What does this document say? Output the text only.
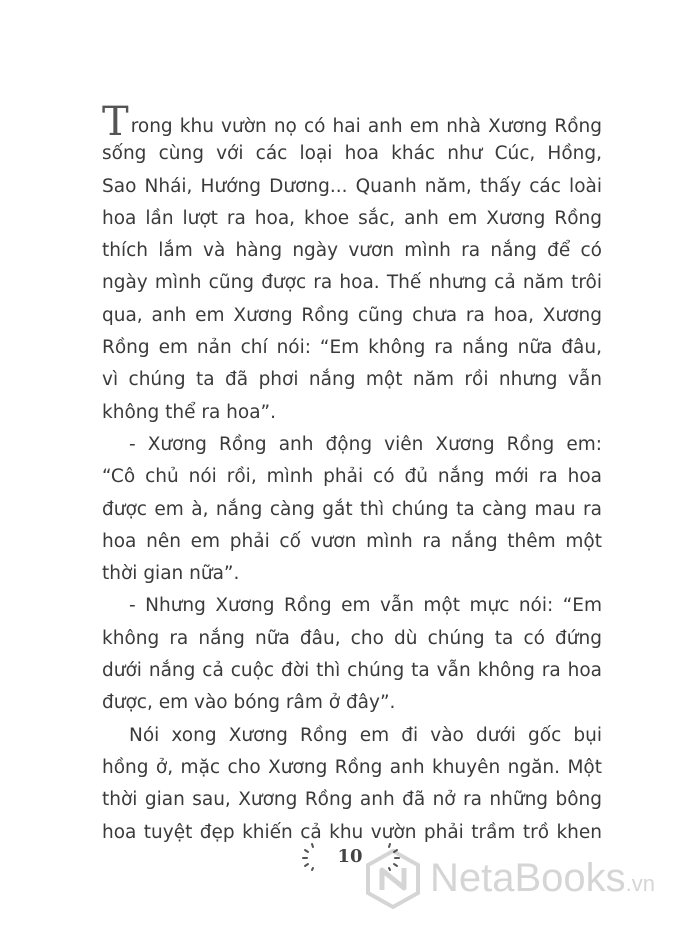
Trong khu vườn nọ có hai anh em nhà Xương Rồng
sống cùng với các loại hoa khác như Cúc, Hồng,
Sao Nhái, Hướng Dương... Quanh năm, thấy các loài
hoa lần lượt ra hoa, khoe sắc, anh em Xương Rồng
thích lắm và hàng ngày vươn mình ra nắng để có
ngày mình cũng được ra hoa. Thế nhưng cả năm trôi
qua, anh em Xương Rồng cũng chưa ra hoa, Xương
Rồng em nản chí nói: “Em không ra nắng nữa đâu,
vì chúng ta đã phơi nắng một năm rồi nhưng vẫn
không thể ra hoa”.
- Xương Rồng anh động viên Xương Rồng em:
“Cô chủ nói rồi, mình phải có đủ nắng mới ra hoa
được em à, nắng càng gắt thì chúng ta càng mau ra
hoa nên em phải cố vươn mình ra nắng thêm một
thời gian nữa”.
- Nhưng Xương Rồng em vẫn một mực nói: “Em
không ra nắng nữa đâu, cho dù chúng ta có đứng
dưới nắng cả cuộc đời thì chúng ta vẫn không ra hoa
được, em vào bóng râm ở đây”.
Nói xong Xương Rồng em đi vào dưới gốc bụi
hồng ở, mặc cho Xương Rồng anh khuyên ngăn. Một
thời gian sau, Xương Rồng anh đã nở ra những bông
hoa tuyệt đẹp khiến cả khu vườn phải trầm trồ khen
10	NetaBooks.vn
